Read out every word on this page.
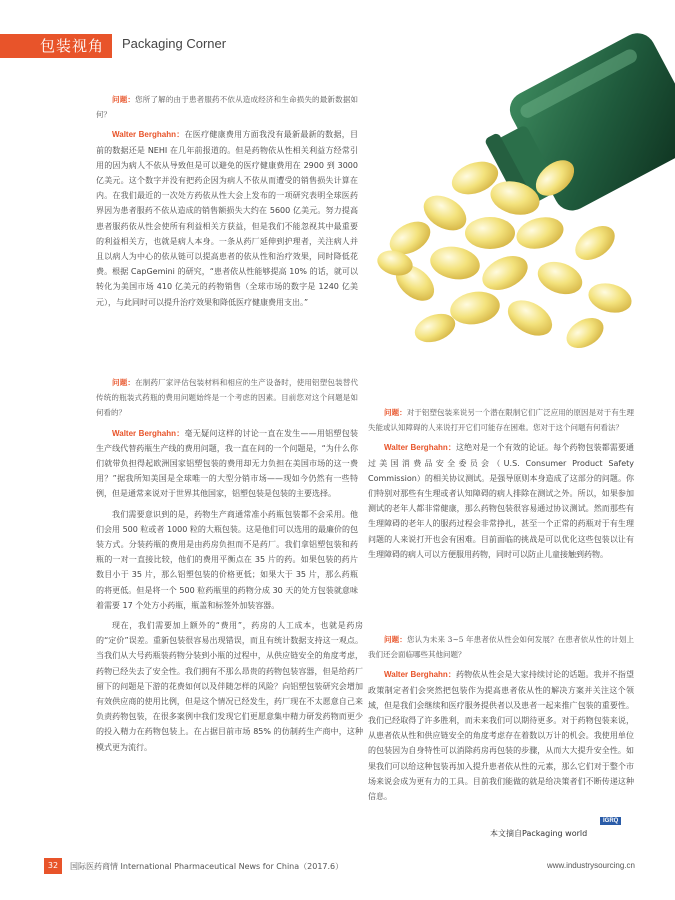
包装视角	Packaging Corner

问题：您所了解的由于患者服药不依从造成经济和生命损失的最新数据如何？

Walter Berghahn：在医疗健康费用方面我没有最新最新的数据，目前的数据还是 NEHI 在几年前报道的。但是药物依从性相关利益方经常引用的因为病人不依从导致但是可以避免的医疗健康费用在 2900 到 3000 亿美元。这个数字并没有把药企因为病人不依从而遭受的销售损失计算在内。在我们最近的一次处方药依从性大会上发布的一项研究表明全球医药界因为患者服药不依从造成的销售额损失大约在 5600 亿美元。努力提高患者服药依从性会使所有利益相关方获益，但是我们不能忽视其中最重要的利益相关方，也就是病人本身。一条从药厂延伸到护理者，关注病人并且以病人为中心的依从链可以提高患者的依从性和治疗效果，同时降低花费。根据 CapGemini 的研究，“患者依从性能够提高 10% 的话，就可以转化为美国市场 410 亿美元的药物销售（全球市场的数字是 1240 亿美元），与此同时可以提升治疗效果和降低医疗健康费用支出。”

问题：在制药厂家评估包装材料和相应的生产设备时，使用铝塑包装替代传统的瓶装式药瓶的费用问题始终是一个考虑的因素。目前您对这个问题是如何看的？

Walter Berghahn：毫无疑问这样的讨论一直在发生——用铝塑包装生产线代替药瓶生产线的费用问题，我一直在问的一个问题是，“为什么你们就带负担得起欧洲国家铝塑包装的费用却无力负担在美国市场的这一费用？”据我所知美国是全球唯一的大型分销市场——现如今仍然有一些特例，但是通常来说对于世界其他国家，铝塑包装是包装的主要选择。

我们需要意识到的是，药物生产商通常准小药瓶包装都不会采用。他们会用 500 粒或者 1000 粒的大瓶包装。这是他们可以选用的最廉价的包装方式。分装药瓶的费用是由药房负担而不是药厂。我们拿铝塑包装和药瓶的一对一直接比较，他们的费用平衡点在 35 片的药。如果包装的药片数目小于 35 片，那么铝塑包装的价格更低；如果大于 35 片，那么药瓶的将更低。但是将一个 500 粒药瓶里的药物分成 30 天的处方包装就意味着需要 17 个处方小药瓶，瓶盖和标签外加装容器。

现在，我们需要加上额外的“费用”，药房的人工成本，也就是药房的“定价”误差。重新包装很容易出现错误，而且有统计数据支持这一观点。当我们从大号药瓶装药物分装到小瓶的过程中，从供应链安全的角度考虑，药物已经失去了安全性。我们拥有不那么昂贵的药物包装容器，但是给药厂留下的问题是下游的花费如何以及伴随怎样的风险？向铝塑包装研究会增加有效供应商的使用比例，但是这个情况已经发生，药厂现在不太愿意自己来负责药物包装，在很多案例中我们发现它们更愿意集中精力研发药物而更少的投入精力在药物包装上。在占据目前市场 85% 的仿制药生产商中，这种模式更为流行。

问题：对于铝塑包装来说另一个潜在限制它们广泛应用的原因是对于有生理失能或认知障碍的人来说打开它们可能存在困难。您对于这个问题有何看法？

Walter Berghahn：这绝对是一个有效的论证。每个药物包装都需要通过美国消费品安全委员会（U.S. Consumer Product Safety Commission）的相关协议测试。是强导原则本身造成了这部分的问题。你们特别对那些有生理或者认知障碍的病人排除在测试之外。所以，如果参加测试的老年人都非常健康，那么药物包装很容易通过协议测试。然而那些有生理障碍的老年人的服药过程会非常挣扎，甚至一个正常的药瓶对于有生理问题的人来说打开也会有困难。目前面临的挑战是可以优化这些包装以让有生理障碍的病人可以方便服用药物，同时可以防止儿童接触到药物。

问题：您认为未来 3~5 年患者依从性会如何发展？在患者依从性的计划上我们还会面临哪些其他问题？

Walter Berghahn：药物依从性会是大家持续讨论的话题。我并不指望政策制定者们会突然把包装作为提高患者依从性的解决方案并关注这个领域，但是我们会继续和医疗服务提供者以及患者一起来推广包装的重要性。我们已经取得了许多胜利，而未来我们可以期待更多。对于药物包装来说，从患者依从性和供应链安全的角度考虑存在着数以万计的机会。我使用单位的包装因为自身特性可以消除药房再包装的步骤，从而大大提升安全性。如果我们可以给这种包装再加入提升患者依从性的元素，那么它们对于整个市场来说会成为更有力的工具。目前我们能做的就是给决策者们不断传递这种信息。

IGRQ
本文摘自Packaging world
32	国际医药商情 International Pharmaceutical News for China（2017.6）	www.industrysourcing.cn
